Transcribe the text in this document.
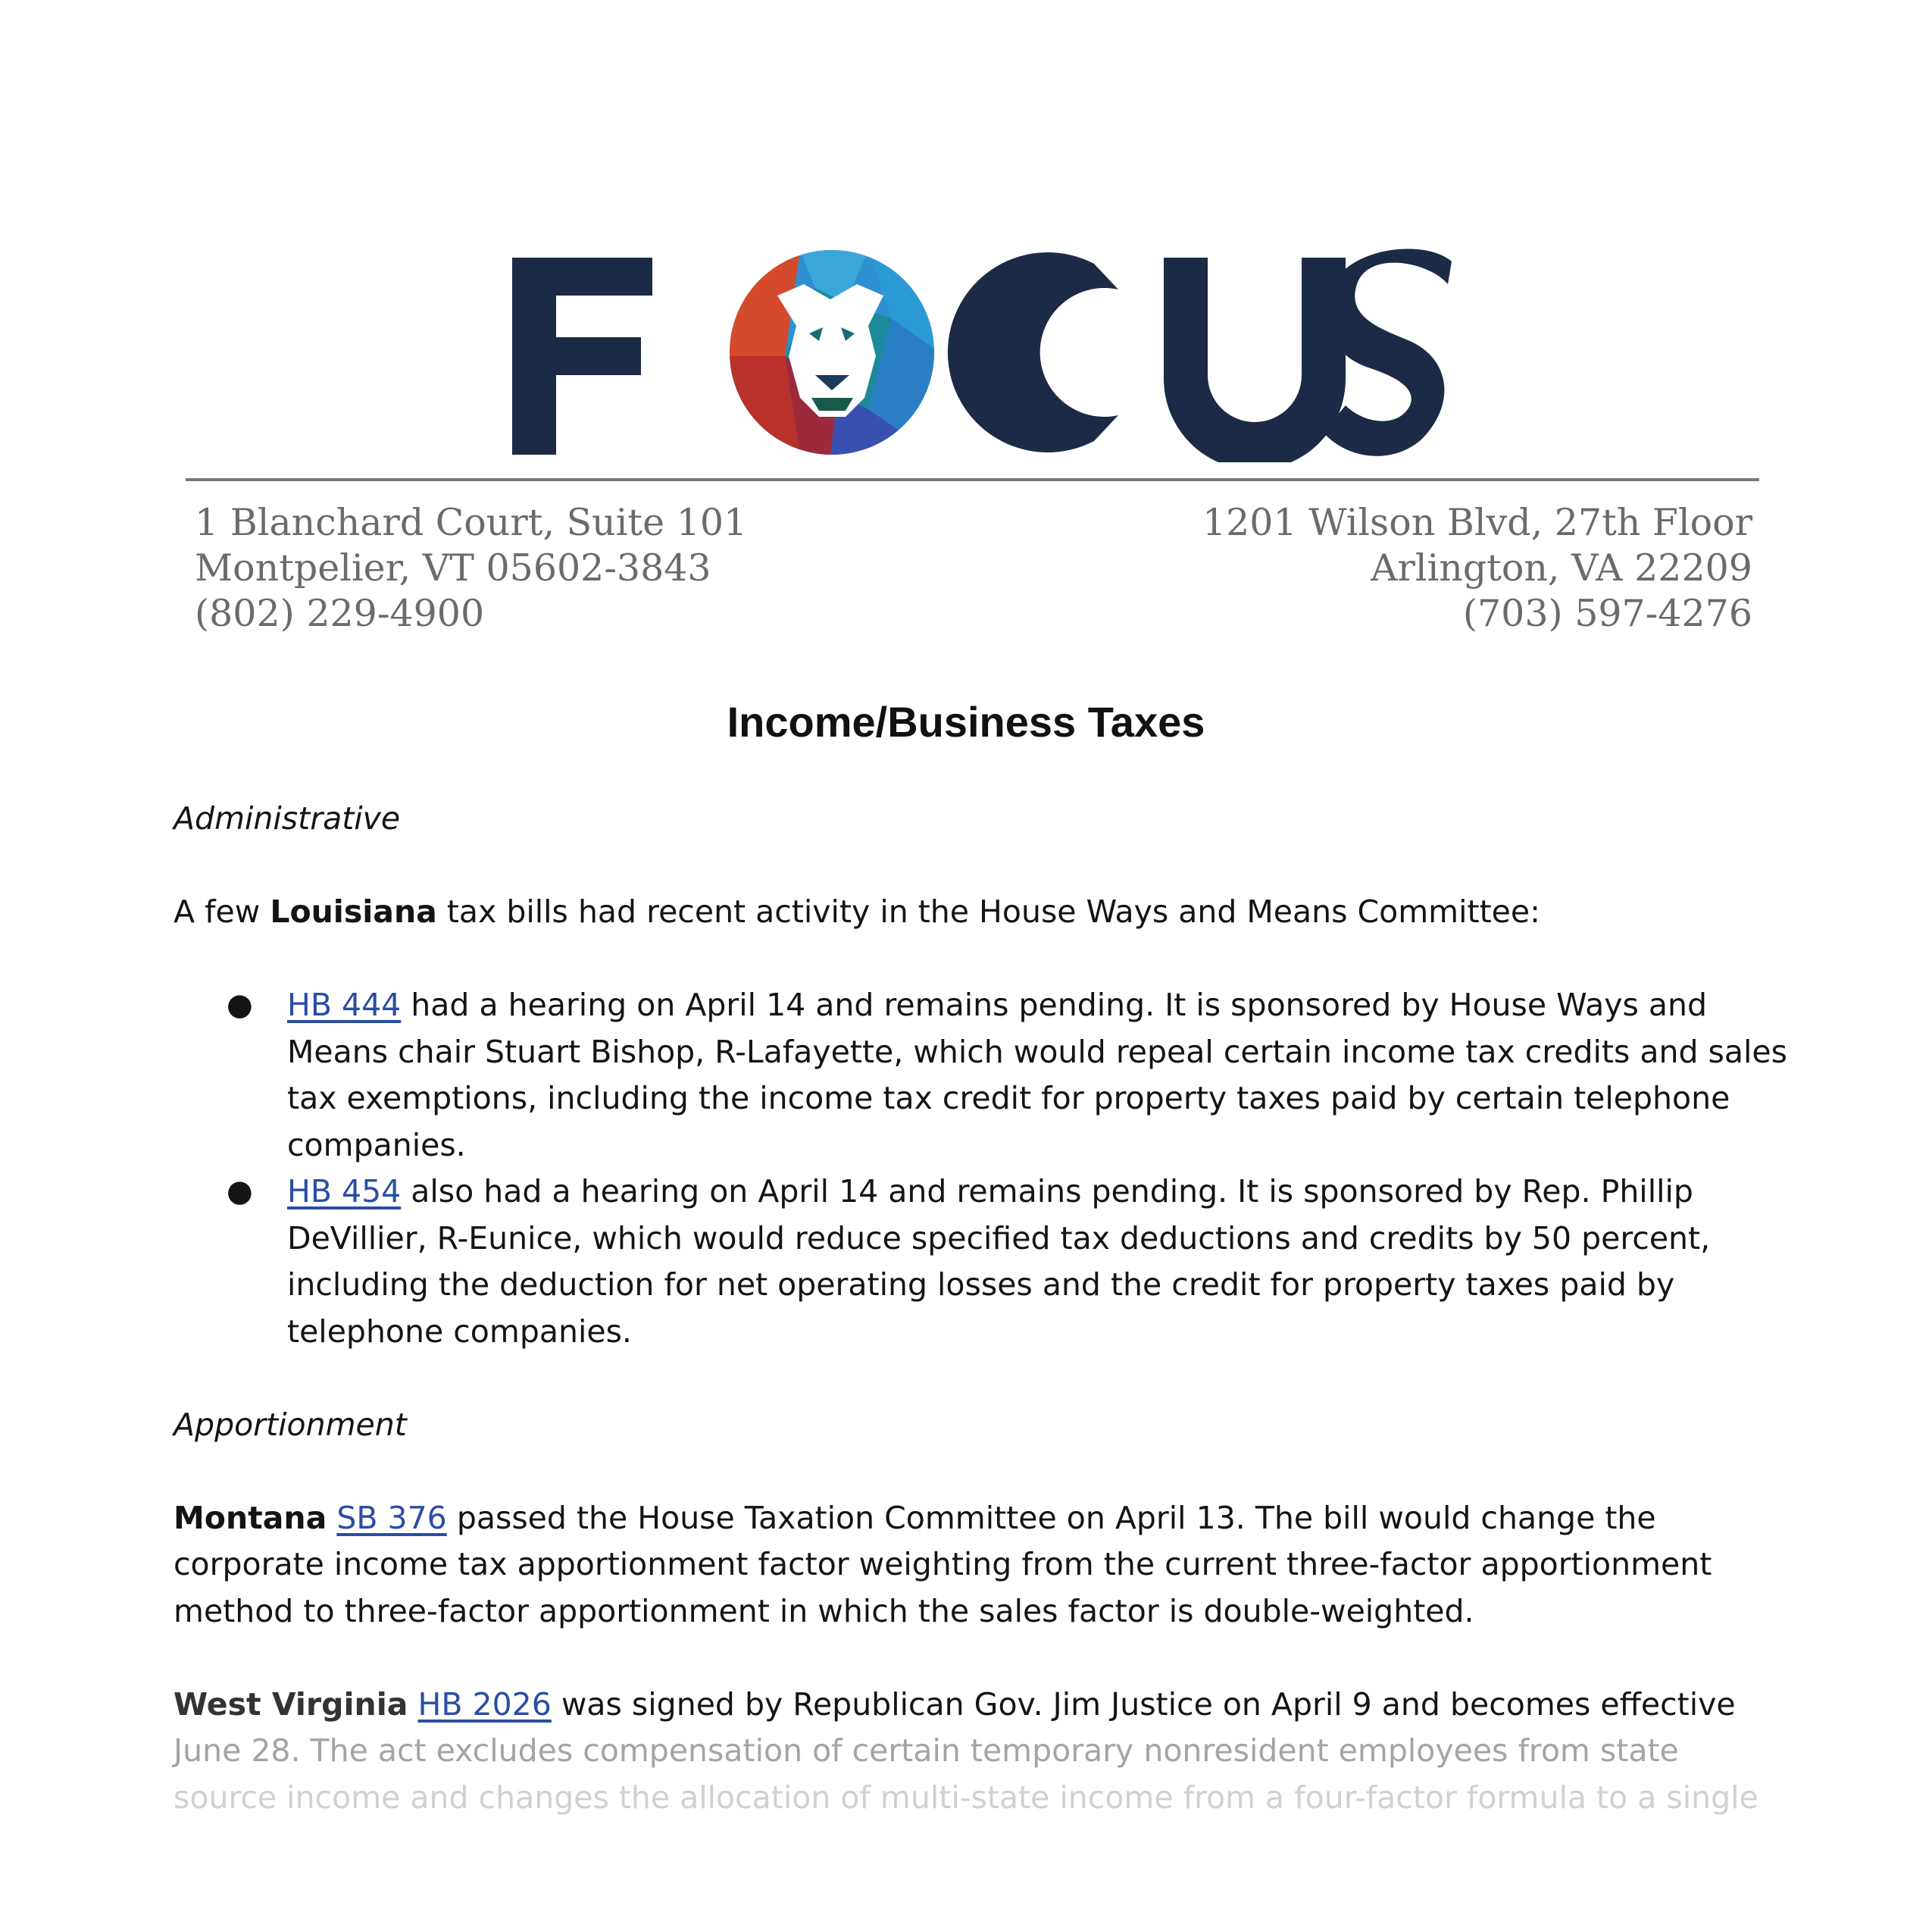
1 Blanchard Court, Suite 101
Montpelier, VT 05602-3843
(802) 229-4900
1201 Wilson Blvd, 27th Floor
Arlington, VA 22209
(703) 597-4276
Income/Business Taxes

Administrative

A few Louisiana tax bills had recent activity in the House Ways and Means Committee:

● HB 444 had a hearing on April 14 and remains pending. It is sponsored by House Ways and
Means chair Stuart Bishop, R-Lafayette, which would repeal certain income tax credits and sales
tax exemptions, including the income tax credit for property taxes paid by certain telephone
companies.
● HB 454 also had a hearing on April 14 and remains pending. It is sponsored by Rep. Phillip
DeVillier, R-Eunice, which would reduce specified tax deductions and credits by 50 percent,
including the deduction for net operating losses and the credit for property taxes paid by
telephone companies.

Apportionment

Montana SB 376 passed the House Taxation Committee on April 13. The bill would change the
corporate income tax apportionment factor weighting from the current three-factor apportionment
method to three-factor apportionment in which the sales factor is double-weighted.

West Virginia HB 2026 was signed by Republican Gov. Jim Justice on April 9 and becomes effective
June 28. The act excludes compensation of certain temporary nonresident employees from state
source income and changes the allocation of multi-state income from a four-factor formula to a single
